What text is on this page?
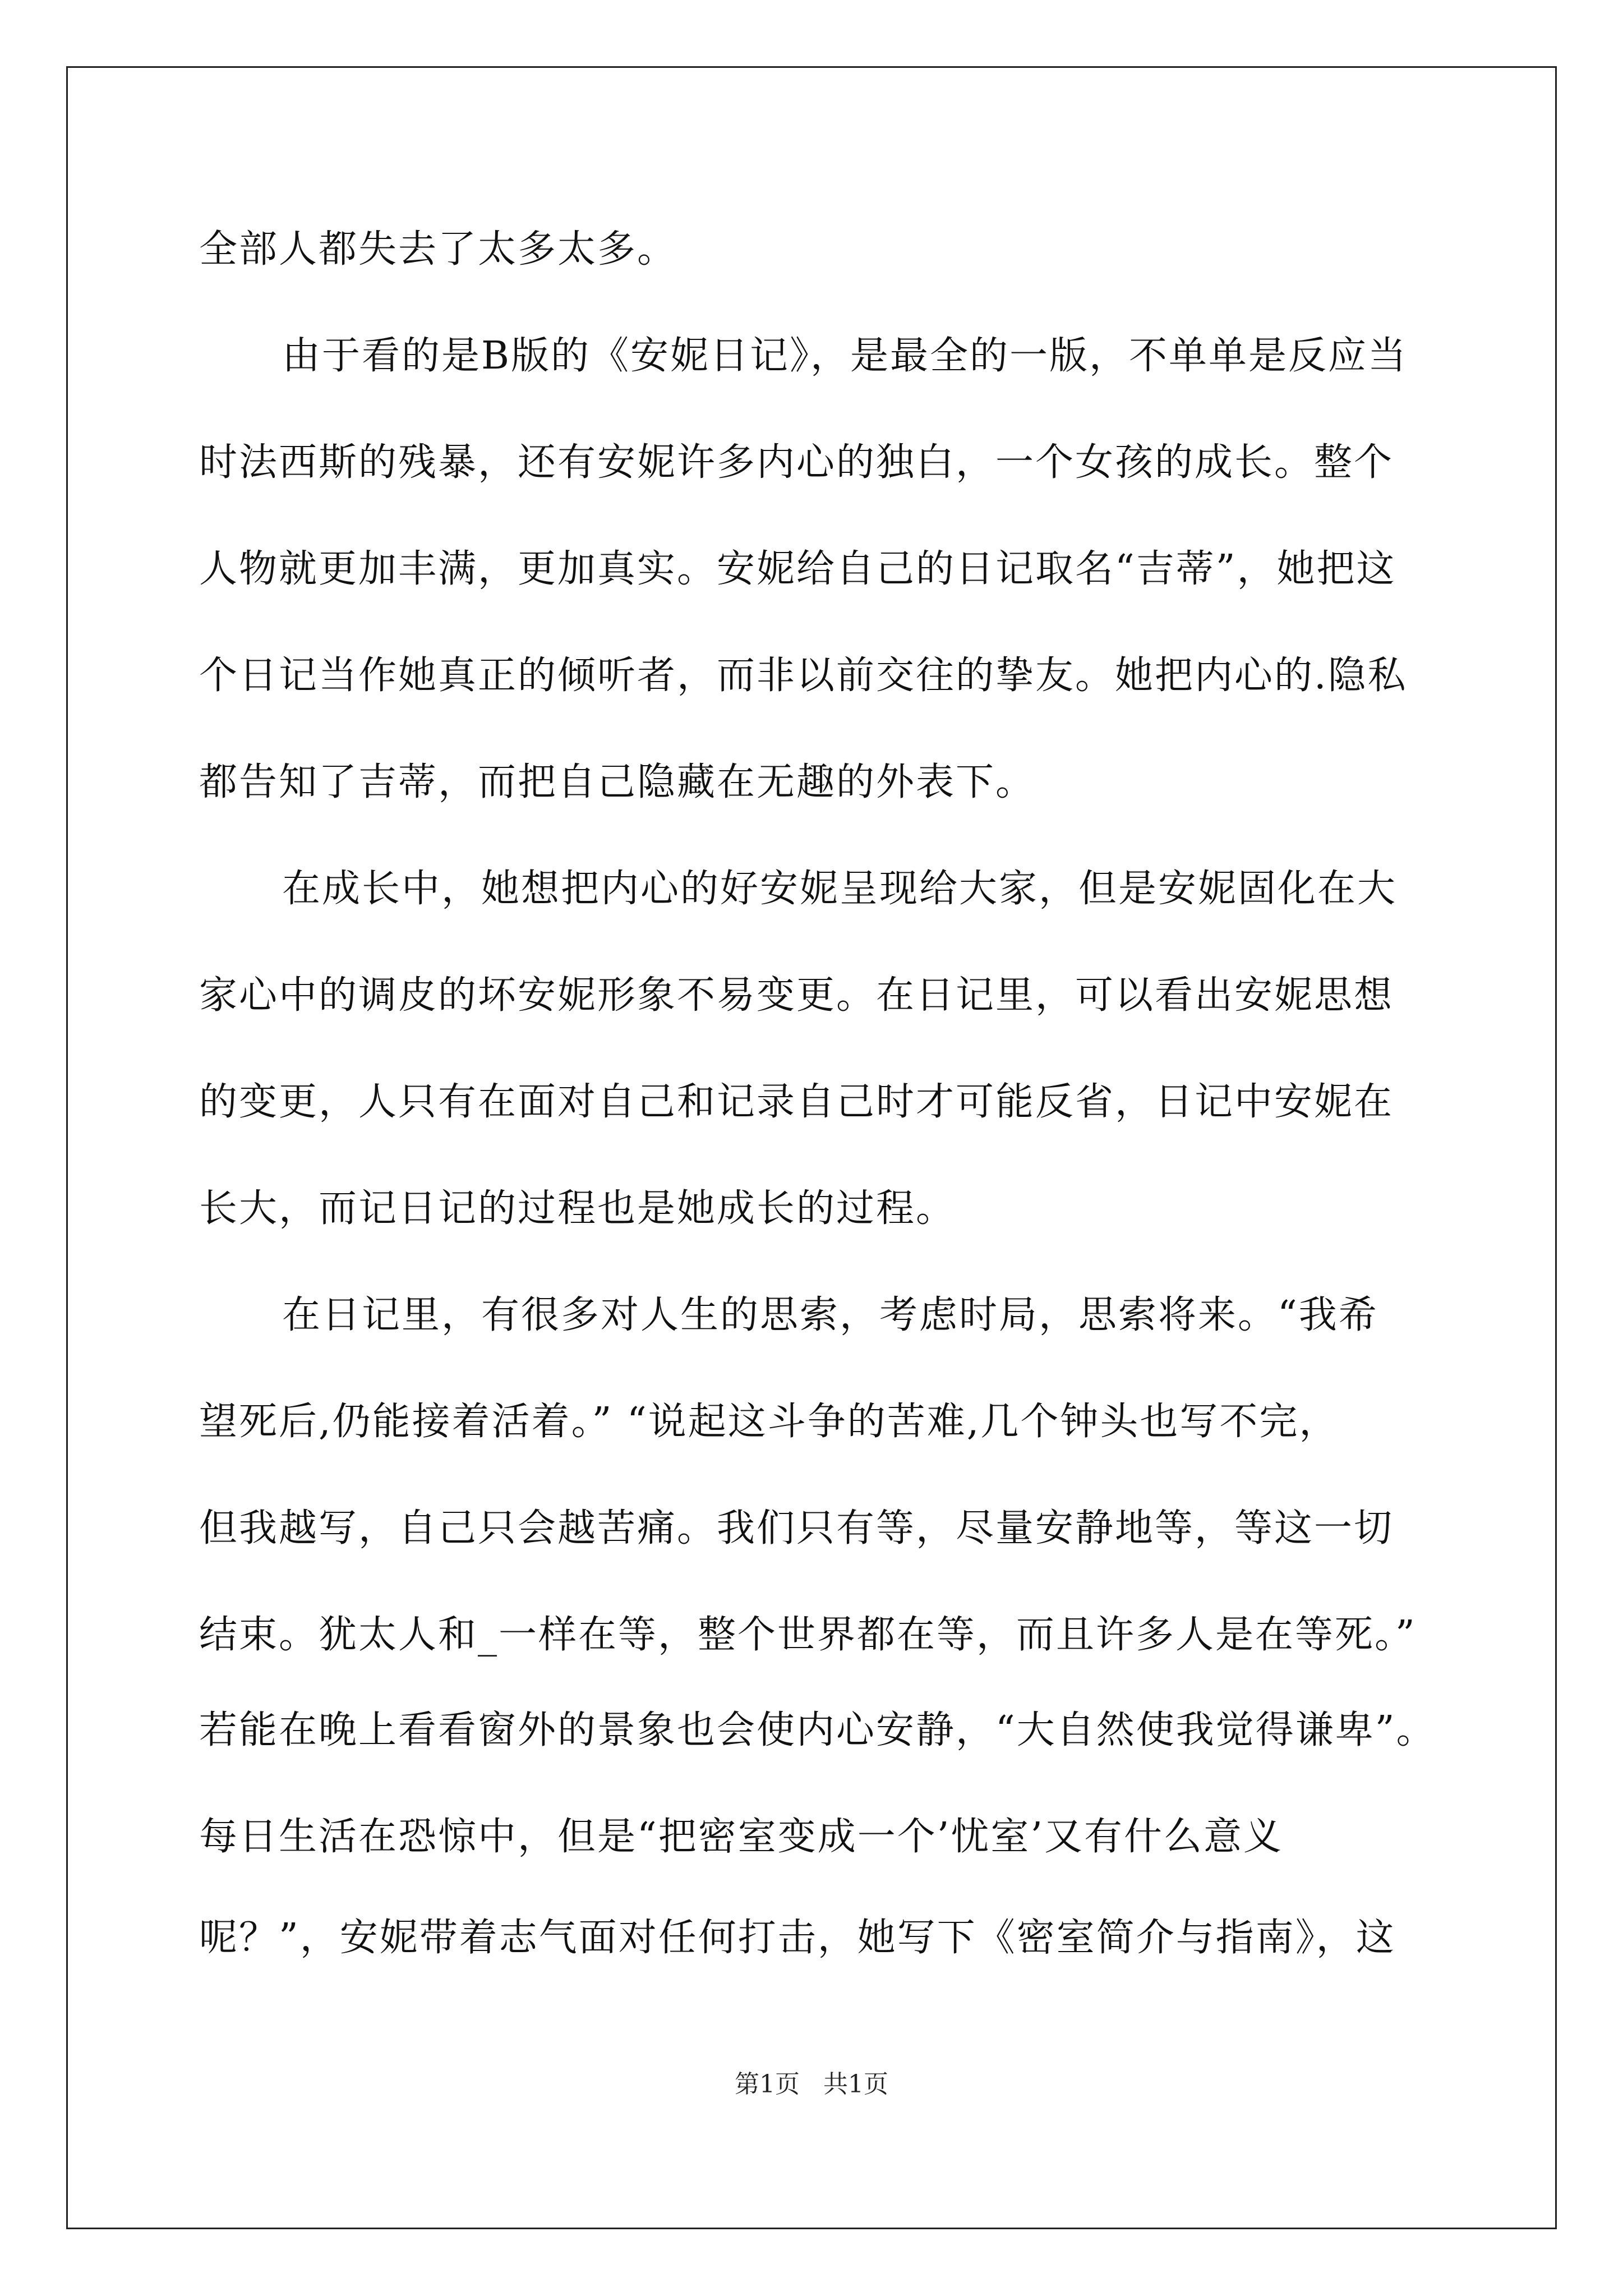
全部人都失去了太多太多。
由于看的是B版的《安妮日记》，是最全的一版，不单单是反应当
时法西斯的残暴，还有安妮许多内心的独白，一个女孩的成长。整个
人物就更加丰满，更加真实。安妮给自己的日记取名“吉蒂”，她把这
个日记当作她真正的倾听者，而非以前交往的挚友。她把内心的.隐私
都告知了吉蒂，而把自己隐藏在无趣的外表下。
在成长中，她想把内心的好安妮呈现给大家，但是安妮固化在大
家心中的调皮的坏安妮形象不易变更。在日记里，可以看出安妮思想
的变更，人只有在面对自己和记录自己时才可能反省，日记中安妮在
长大，而记日记的过程也是她成长的过程。
在日记里，有很多对人生的思索，考虑时局，思索将来。“我希
望死后,仍能接着活着。” “说起这斗争的苦难,几个钟头也写不完，
但我越写，自己只会越苦痛。我们只有等，尽量安静地等，等这一切
结束。犹太人和_一样在等，整个世界都在等，而且许多人是在等死。”
若能在晚上看看窗外的景象也会使内心安静，“大自然使我觉得谦卑”。
每日生活在恐惊中，但是“把密室变成一个’忧室’又有什么意义
呢？”，安妮带着志气面对任何打击，她写下《密室简介与指南》，这
第1页   共1页
